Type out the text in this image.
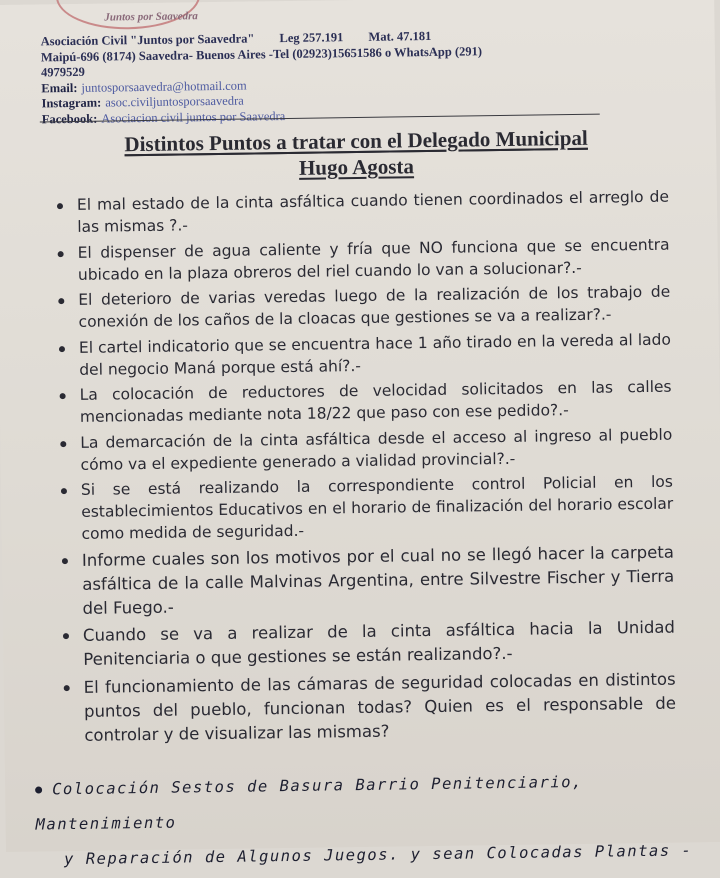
Juntos por Saavedra
Asociación Civil "Juntos por Saavedra" Leg 257.191 Mat. 47.181
Maipú-696 (8174) Saavedra- Buenos Aires -Tel (02923)15651586 o WhatsApp (291)
4979529
Email: juntosporsaavedra@hotmail.com
Instagram: asoc.civiljuntosporsaavedra
Facebook: Asociacion civil juntos por Saavedra
Distintos Puntos a tratar con el Delegado Municipal
Hugo Agosta
El mal estado de la cinta asfáltica cuando tienen coordinados el arreglo de las mismas ?.-
El dispenser de agua caliente y fría que NO funciona que se encuentra ubicado en la plaza obreros del riel cuando lo van a solucionar?.-
El deterioro de varias veredas luego de la realización de los trabajo de conexión de los caños de la cloacas que gestiones se va a realizar?.-
El cartel indicatorio que se encuentra hace 1 año tirado en la vereda al lado del negocio Maná porque está ahí?.-
La colocación de reductores de velocidad solicitados en las calles mencionadas mediante nota 18/22 que paso con ese pedido?.-
La demarcación de la cinta asfáltica desde el acceso al ingreso al pueblo cómo va el expediente generado a vialidad provincial?.-
Si se está realizando la correspondiente control Policial en los establecimientos Educativos en el horario de finalización del horario escolar como medida de seguridad.-
Informe cuales son los motivos por el cual no se llegó hacer la carpeta asfáltica de la calle Malvinas Argentina, entre Silvestre Fischer y Tierra del Fuego.-
Cuando se va a realizar de la cinta asfáltica hacia la Unidad Penitenciaria o que gestiones se están realizando?.-
El funcionamiento de las cámaras de seguridad colocadas en distintos puntos del pueblo, funcionan todas? Quien es el responsable de controlar y de visualizar las mismas?
Colocación Sestos de Basura Barrio Penitenciario, Mantenimiento
y Reparación de Algunos Juegos. y sean Colocadas Plantas -
